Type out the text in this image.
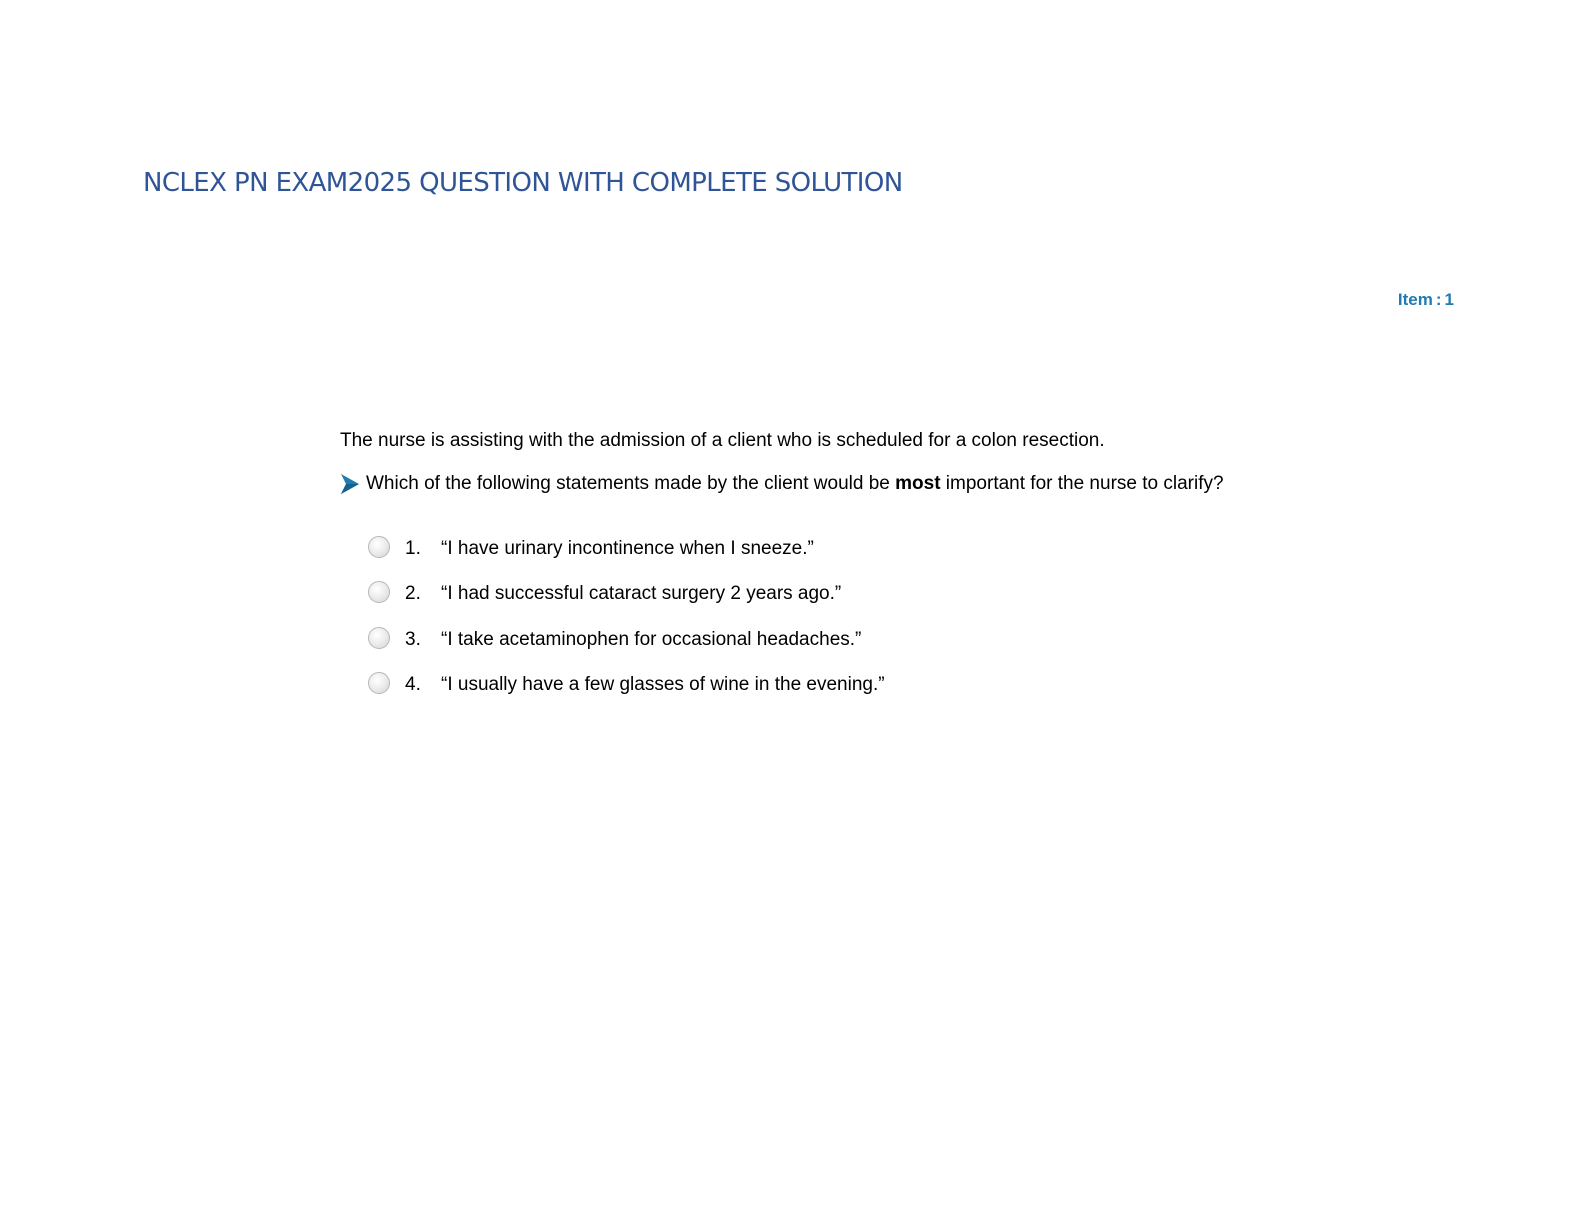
NCLEX PN EXAM2025 QUESTION WITH COMPLETE SOLUTION
Item : 1
The nurse is assisting with the admission of a client who is scheduled for a colon resection.
Which of the following statements made by the client would be most important for the nurse to clarify?
1.	“I have urinary incontinence when I sneeze.”
2.	“I had successful cataract surgery 2 years ago.”
3.	“I take acetaminophen for occasional headaches.”
4.	“I usually have a few glasses of wine in the evening.”
